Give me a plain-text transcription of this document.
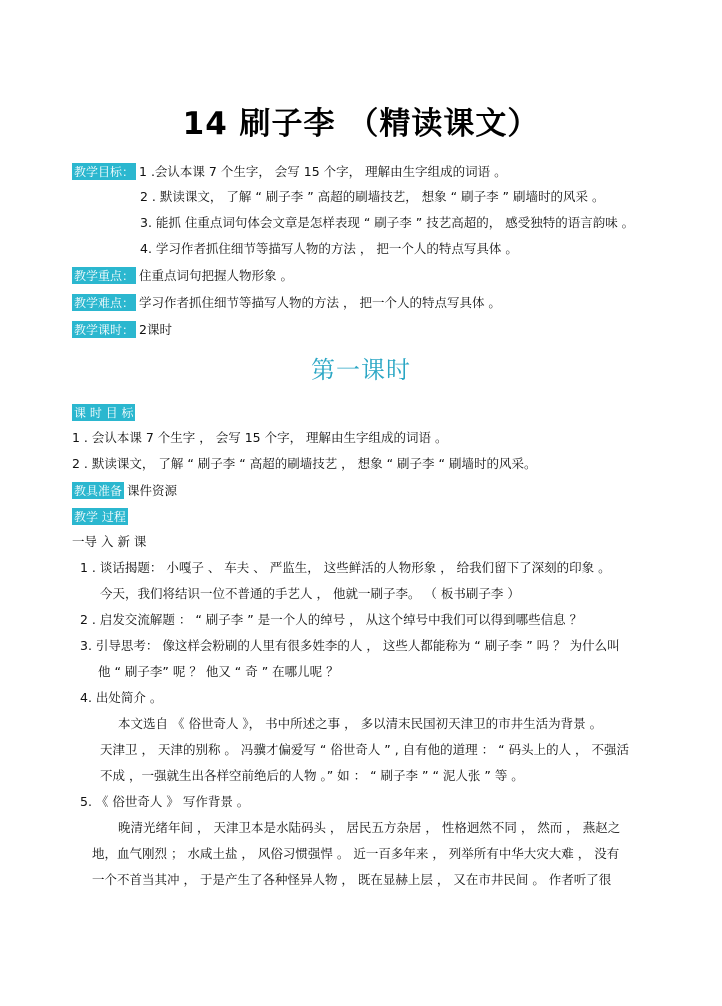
14 刷子李 （精读课文）
教学目标： 1 .会认本课 7 个生字， 会写 15 个字， 理解由生字组成的词语 。
2 . 默读课文， 了解 “ 刷子李 ” 高超的刷墙技艺， 想象 “ 刷子李 ” 刷墙时的风采 。
3. 能抓 住重点词句体会文章是怎样表现 “ 刷子李 ” 技艺高超的， 感受独特的语言韵味 。
4. 学习作者抓住细节等描写人物的方法 ， 把一个人的特点写具体 。
教学重点： 住重点词句把握人物形象 。
教学难点： 学习作者抓住细节等描写人物的方法 ， 把一个人的特点写具体 。
教学课时： 2课时
第一课时
课 时 目 标
1 . 会认本课 7 个生字 ， 会写 15 个字， 理解由生字组成的词语 。
2 . 默读课文， 了解 “ 刷子李 “ 高超的刷墙技艺 ， 想象 “ 刷子李 “ 刷墙时的风采。
教具准备 课件资源
教学 过程
一导 入 新 课
1 . 谈话揭题： 小嘎子 、 车夫 、 严监生， 这些鲜活的人物形象 ， 给我们留下了深刻的印象 。
今天，我们将结识一位不普通的手艺人 ， 他就一刷子李。 （ 板书刷子李 ）
2 . 启发交流解题 ： “ 刷子李 ” 是一个人的绰号 ， 从这个绰号中我们可以得到哪些信息 ？
3. 引导思考： 像这样会粉刷的人里有很多姓李的人 ， 这些人都能称为 “ 刷子李 ” 吗 ？ 为什么叫
他 “ 刷子李” 呢 ？ 他又 “ 奇 ” 在哪儿呢 ？
4. 出处简介 。
本文选自 《 俗世奇人 》， 书中所述之事 ， 多以清末民国初天津卫的市井生活为背景 。
天津卫 ， 天津的别称 。 冯骥才偏爱写 “ 俗世奇人 ” , 自有他的道理 ： “ 码头上的人 ， 不强活
不成 ，一强就生出各样空前绝后的人物 。” 如 ： “ 刷子李 ” “ 泥人张 ” 等 。
5. 《 俗世奇人 》 写作背景 。
晚清光绪年间 ， 天津卫本是水陆码头 ， 居民五方杂居 ， 性格迥然不同 ， 然而 ， 燕赵之
地，血气刚烈 ； 水咸土盐 ， 风俗习惯强悍 。 近一百多年来 ， 列举所有中华大灾大难 ， 没有
一个不首当其冲 ， 于是产生了各种怪异人物 ， 既在显赫上层 ， 又在市井民间 。 作者听了很
